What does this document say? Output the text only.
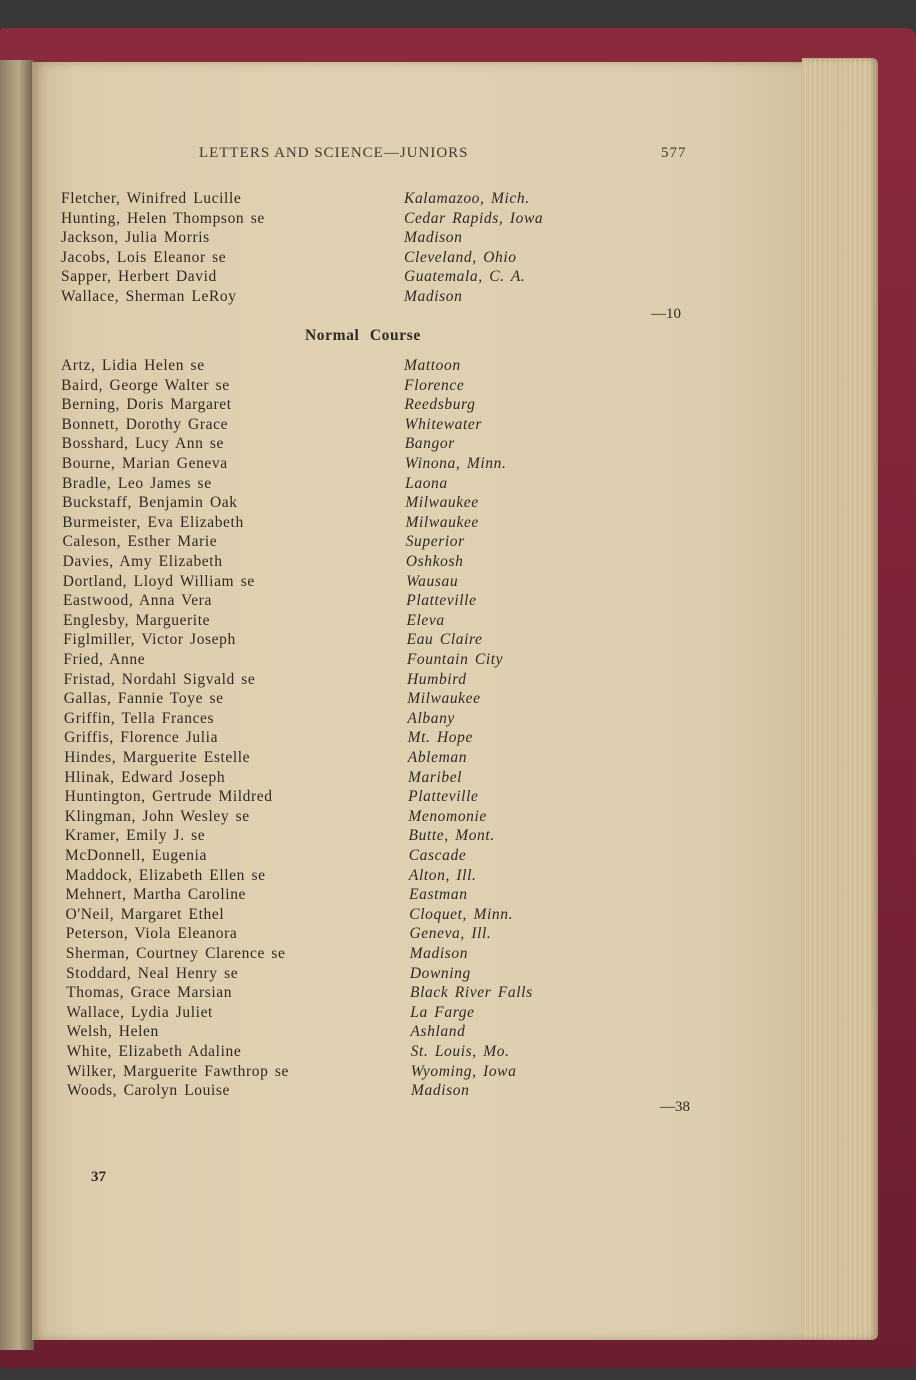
LETTERS AND SCIENCE—JUNIORS	577
Fletcher, Winifred Lucille	Kalamazoo, Mich.
Hunting, Helen Thompson se	Cedar Rapids, Iowa
Jackson, Julia Morris	Madison
Jacobs, Lois Eleanor se	Cleveland, Ohio
Sapper, Herbert David	Guatemala, C. A.
Wallace, Sherman LeRoy	Madison
—10
Normal Course
Artz, Lidia Helen se	Mattoon
Baird, George Walter se	Florence
Berning, Doris Margaret	Reedsburg
Bonnett, Dorothy Grace	Whitewater
Bosshard, Lucy Ann se	Bangor
Bourne, Marian Geneva	Winona, Minn.
Bradle, Leo James se	Laona
Buckstaff, Benjamin Oak	Milwaukee
Burmeister, Eva Elizabeth	Milwaukee
Caleson, Esther Marie	Superior
Davies, Amy Elizabeth	Oshkosh
Dortland, Lloyd William se	Wausau
Eastwood, Anna Vera	Platteville
Englesby, Marguerite	Eleva
Figlmiller, Victor Joseph	Eau Claire
Fried, Anne	Fountain City
Fristad, Nordahl Sigvald se	Humbird
Gallas, Fannie Toye se	Milwaukee
Griffin, Tella Frances	Albany
Griffis, Florence Julia	Mt. Hope
Hindes, Marguerite Estelle	Ableman
Hlinak, Edward Joseph	Maribel
Huntington, Gertrude Mildred	Platteville
Klingman, John Wesley se	Menomonie
Kramer, Emily J. se	Butte, Mont.
McDonnell, Eugenia	Cascade
Maddock, Elizabeth Ellen se	Alton, Ill.
Mehnert, Martha Caroline	Eastman
O'Neil, Margaret Ethel	Cloquet, Minn.
Peterson, Viola Eleanora	Geneva, Ill.
Sherman, Courtney Clarence se	Madison
Stoddard, Neal Henry se	Downing
Thomas, Grace Marsian	Black River Falls
Wallace, Lydia Juliet	La Farge
Welsh, Helen	Ashland
White, Elizabeth Adaline	St. Louis, Mo.
Wilker, Marguerite Fawthrop se	Wyoming, Iowa
Woods, Carolyn Louise	Madison
—38
37
